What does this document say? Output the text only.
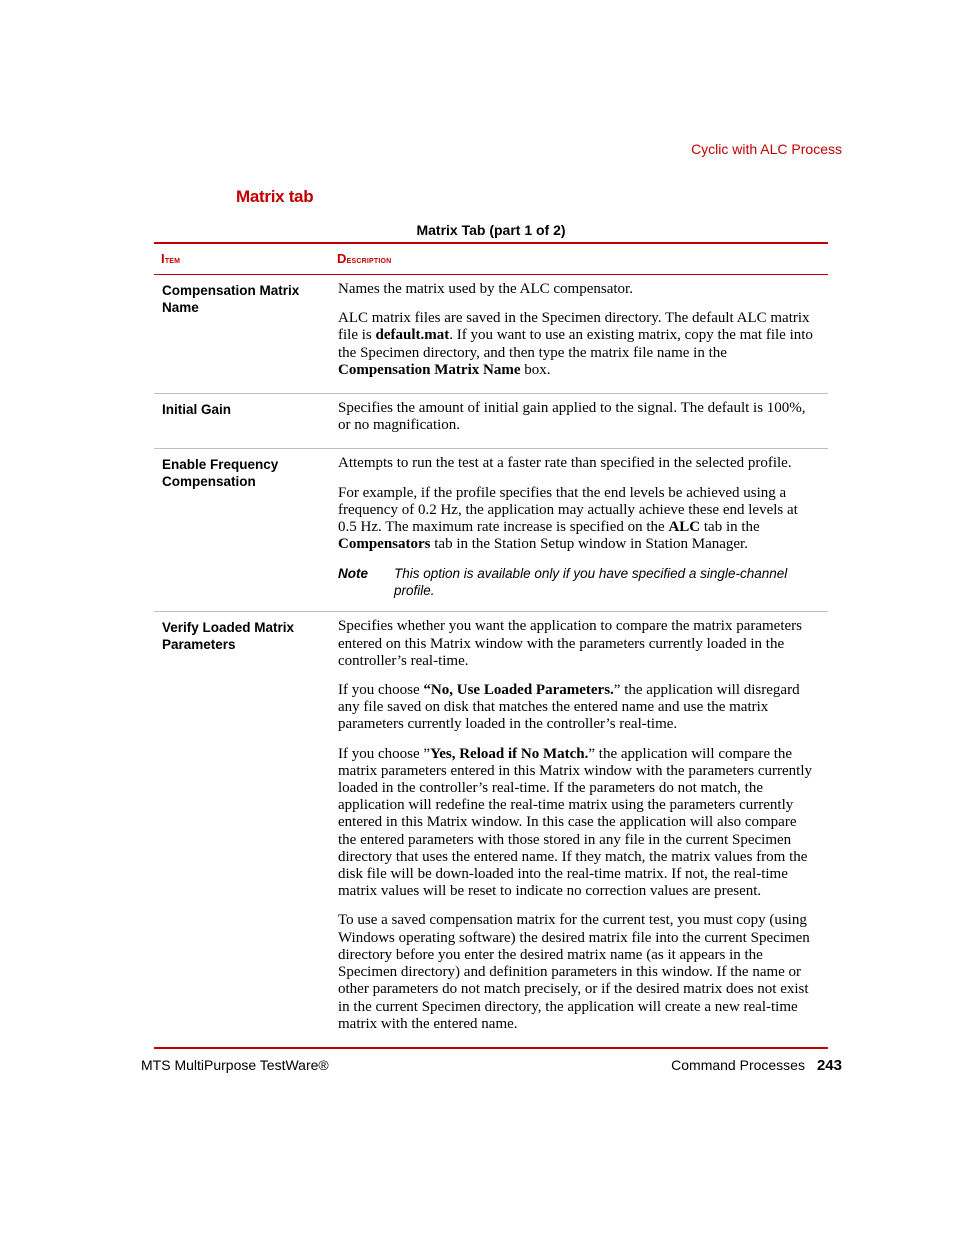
Cyclic with ALC Process
Matrix tab
Matrix Tab (part 1 of 2)
Item	Description
Compensation Matrix Name	Names the matrix used by the ALC compensator.

ALC matrix files are saved in the Specimen directory. The default ALC matrix file is default.mat. If you want to use an existing matrix, copy the mat file into the Specimen directory, and then type the matrix file name in the Compensation Matrix Name box.

Initial Gain	Specifies the amount of initial gain applied to the signal. The default is 100%, or no magnification.

Enable Frequency Compensation	Attempts to run the test at a faster rate than specified in the selected profile.

For example, if the profile specifies that the end levels be achieved using a frequency of 0.2 Hz, the application may actually achieve these end levels at 0.5 Hz. The maximum rate increase is specified on the ALC tab in the Compensators tab in the Station Setup window in Station Manager.

Note This option is available only if you have specified a single-channel profile.

Verify Loaded Matrix Parameters	Specifies whether you want the application to compare the matrix parameters entered on this Matrix window with the parameters currently loaded in the controller’s real-time.

If you choose “No, Use Loaded Parameters.” the application will disregard any file saved on disk that matches the entered name and use the matrix parameters currently loaded in the controller’s real-time.

If you choose ”Yes, Reload if No Match.” the application will compare the matrix parameters entered in this Matrix window with the parameters currently loaded in the controller’s real-time. If the parameters do not match, the application will redefine the real-time matrix using the parameters currently entered in this Matrix window. In this case the application will also compare the entered parameters with those stored in any file in the current Specimen directory that uses the entered name. If they match, the matrix values from the disk file will be down-loaded into the real-time matrix. If not, the real-time matrix values will be reset to indicate no correction values are present.

To use a saved compensation matrix for the current test, you must copy (using Windows operating software) the desired matrix file into the current Specimen directory before you enter the desired matrix name (as it appears in the Specimen directory) and definition parameters in this window. If the name or other parameters do not match precisely, or if the desired matrix does not exist in the current Specimen directory, the application will create a new real-time matrix with the entered name.

MTS MultiPurpose TestWare®	Command Processes 243
